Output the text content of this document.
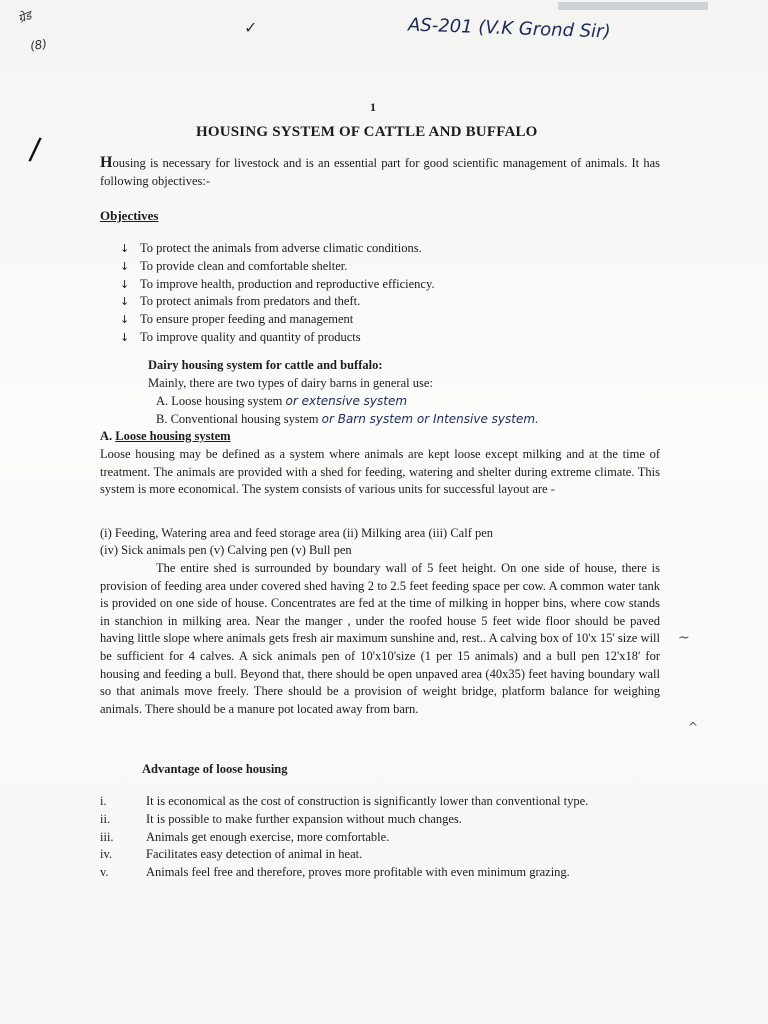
ग्रेड
(8)
✓	AS-201 (V.K Grond Sir)
/
~
^
1
HOUSING SYSTEM OF CATTLE AND BUFFALO
Housing is necessary for livestock and is an essential part for good scientific management of animals. It has following objectives:-
Objectives
↓ To protect the animals from adverse climatic conditions.
↓ To provide clean and comfortable shelter.
↓ To improve health, production and reproductive efficiency.
↓ To protect animals from predators and theft.
↓ To ensure proper feeding and management
↓ To improve quality and quantity of products
Dairy housing system for cattle and buffalo:
Mainly, there are two types of dairy barns in general use:
A. Loose housing system or extensive system
B. Conventional housing system or Barn system or Intensive system.
A. Loose housing system
Loose housing may be defined as a system where animals are kept loose except milking and at the time of treatment. The animals are provided with a shed for feeding, watering and shelter during extreme climate. This system is more economical. The system consists of various units for successful layout are -
(i) Feeding, Watering area and feed storage area (ii) Milking area (iii) Calf pen
(iv) Sick animals pen (v) Calving pen (v) Bull pen
The entire shed is surrounded by boundary wall of 5 feet height. On one side of house, there is provision of feeding area under covered shed having 2 to 2.5 feet feeding space per cow. A common water tank is provided on one side of house. Concentrates are fed at the time of milking in hopper bins, where cow stands in stanchion in milking area. Near the manger , under the roofed house 5 feet wide floor should be paved having little slope where animals gets fresh air maximum sunshine and, rest.. A calving box of 10'x 15' size will be sufficient for 4 calves. A sick animals pen of 10'x10'size (1 per 15 animals) and a bull pen 12'x18' for housing and feeding a bull. Beyond that, there should be open unpaved area (40x35) feet having boundary wall so that animals move freely. There should be a provision of weight bridge, platform balance for weighing animals. There should be a manure pot located away from barn.
Advantage of loose housing
i.	It is economical as the cost of construction is significantly lower than conventional type.
ii.	It is possible to make further expansion without much changes.
iii.	Animals get enough exercise, more comfortable.
iv.	Facilitates easy detection of animal in heat.
v.	Animals feel free and therefore, proves more profitable with even minimum grazing.
